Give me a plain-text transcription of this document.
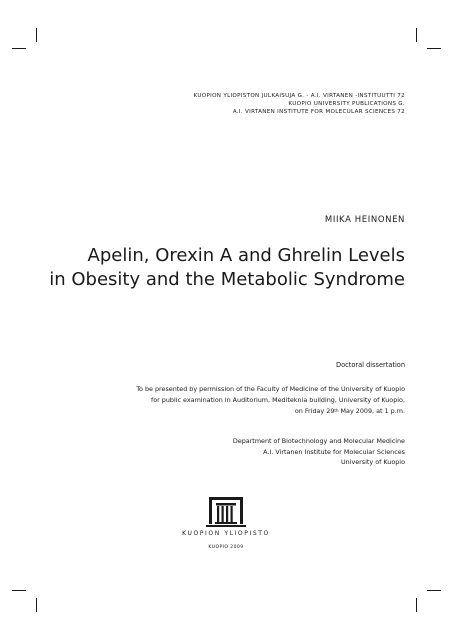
KUOPION YLIOPISTON JULKAISUJA G. - A.I. VIRTANEN -INSTITUUTTI 72
KUOPIO UNIVERSITY PUBLICATIONS G.
A.I. VIRTANEN INSTITUTE FOR MOLECULAR SCIENCES 72
MIIKA HEINONEN
Apelin, Orexin A and Ghrelin Levels
in Obesity and the Metabolic Syndrome
Doctoral dissertation
To be presented by permission of the Faculty of Medicine of the University of Kuopio
for public examination in Auditorium, Mediteknia building, University of Kuopio,
on Friday 29th May 2009, at 1 p.m.
Department of Biotechnology and Molecular Medicine
A.I. Virtanen Institute for Molecular Sciences
University of Kuopio
KUOPION YLIOPISTO
KUOPIO 2009
